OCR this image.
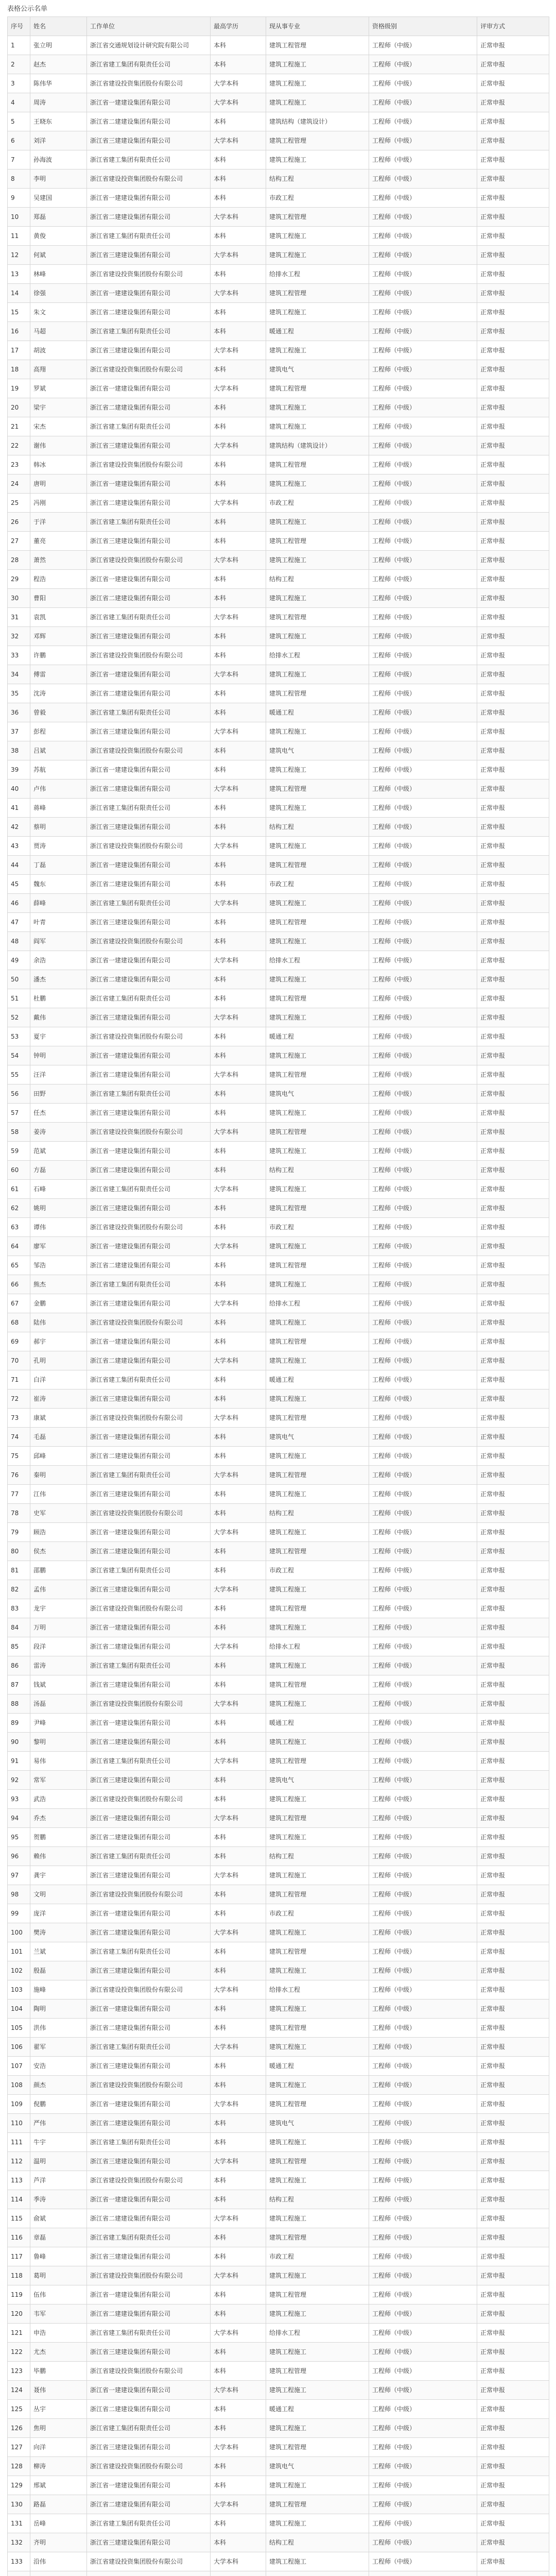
表格公示名单
序号	姓名	工作单位	最高学历	现从事专业	资格级别	评审方式
1	张立明	浙江省交通规划设计研究院有限公司	本科	建筑工程管理	工程师（中级）	正常申报
2	赵杰	浙江省建工集团有限责任公司	本科	建筑工程施工	工程师（中级）	正常申报
3	陈伟华	浙江省建设投资集团股份有限公司	大学本科	建筑工程施工	工程师（中级）	正常申报
4	周涛	浙江省一建建设集团有限公司	大学本科	建筑工程施工	工程师（中级）	正常申报
5	王晓东	浙江省二建建设集团有限公司	本科	建筑结构（建筑设计）	工程师（中级）	正常申报
6	刘洋	浙江省三建建设集团有限公司	大学本科	建筑工程管理	工程师（中级）	正常申报
7	孙海波	浙江省建工集团有限责任公司	本科	建筑工程施工	工程师（中级）	正常申报
8	李明	浙江省建设投资集团股份有限公司	本科	结构工程	工程师（中级）	正常申报
9	吴建国	浙江省一建建设集团有限公司	本科	市政工程	工程师（中级）	正常申报
10	郑磊	浙江省二建建设集团有限公司	大学本科	建筑工程管理	工程师（中级）	正常申报
11	黄俊	浙江省建工集团有限责任公司	本科	建筑工程施工	工程师（中级）	正常申报
12	何斌	浙江省三建建设集团有限公司	大学本科	建筑工程施工	工程师（中级）	正常申报
13	林峰	浙江省建设投资集团股份有限公司	本科	给排水工程	工程师（中级）	正常申报
14	徐强	浙江省一建建设集团有限公司	大学本科	建筑工程管理	工程师（中级）	正常申报
15	朱文	浙江省二建建设集团有限公司	本科	建筑工程施工	工程师（中级）	正常申报
16	马超	浙江省建工集团有限责任公司	本科	暖通工程	工程师（中级）	正常申报
17	胡波	浙江省三建建设集团有限公司	大学本科	建筑工程施工	工程师（中级）	正常申报
18	高翔	浙江省建设投资集团股份有限公司	本科	建筑电气	工程师（中级）	正常申报
19	罗斌	浙江省一建建设集团有限公司	大学本科	建筑工程管理	工程师（中级）	正常申报
20	梁宇	浙江省二建建设集团有限公司	本科	建筑工程施工	工程师（中级）	正常申报
21	宋杰	浙江省建工集团有限责任公司	本科	建筑工程施工	工程师（中级）	正常申报
22	谢伟	浙江省三建建设集团有限公司	大学本科	建筑结构（建筑设计）	工程师（中级）	正常申报
23	韩冰	浙江省建设投资集团股份有限公司	本科	建筑工程管理	工程师（中级）	正常申报
24	唐明	浙江省一建建设集团有限公司	本科	建筑工程施工	工程师（中级）	正常申报
25	冯刚	浙江省二建建设集团有限公司	大学本科	市政工程	工程师（中级）	正常申报
26	于洋	浙江省建工集团有限责任公司	本科	建筑工程施工	工程师（中级）	正常申报
27	董亮	浙江省三建建设集团有限公司	本科	建筑工程管理	工程师（中级）	正常申报
28	萧然	浙江省建设投资集团股份有限公司	大学本科	建筑工程施工	工程师（中级）	正常申报
29	程浩	浙江省一建建设集团有限公司	本科	结构工程	工程师（中级）	正常申报
30	曹阳	浙江省二建建设集团有限公司	本科	建筑工程施工	工程师（中级）	正常申报
31	袁凯	浙江省建工集团有限责任公司	大学本科	建筑工程管理	工程师（中级）	正常申报
32	邓辉	浙江省三建建设集团有限公司	本科	建筑工程施工	工程师（中级）	正常申报
33	许鹏	浙江省建设投资集团股份有限公司	本科	给排水工程	工程师（中级）	正常申报
34	傅雷	浙江省一建建设集团有限公司	大学本科	建筑工程施工	工程师（中级）	正常申报
35	沈涛	浙江省二建建设集团有限公司	本科	建筑工程管理	工程师（中级）	正常申报
36	曾毅	浙江省建工集团有限责任公司	本科	暖通工程	工程师（中级）	正常申报
37	彭程	浙江省三建建设集团有限公司	大学本科	建筑工程施工	工程师（中级）	正常申报
38	吕斌	浙江省建设投资集团股份有限公司	本科	建筑电气	工程师（中级）	正常申报
39	苏航	浙江省一建建设集团有限公司	本科	建筑工程施工	工程师（中级）	正常申报
40	卢伟	浙江省二建建设集团有限公司	大学本科	建筑工程管理	工程师（中级）	正常申报
41	蒋峰	浙江省建工集团有限责任公司	本科	建筑工程施工	工程师（中级）	正常申报
42	蔡明	浙江省三建建设集团有限公司	本科	结构工程	工程师（中级）	正常申报
43	贾涛	浙江省建设投资集团股份有限公司	大学本科	建筑工程施工	工程师（中级）	正常申报
44	丁磊	浙江省一建建设集团有限公司	本科	建筑工程管理	工程师（中级）	正常申报
45	魏东	浙江省二建建设集团有限公司	本科	市政工程	工程师（中级）	正常申报
46	薛峰	浙江省建工集团有限责任公司	大学本科	建筑工程施工	工程师（中级）	正常申报
47	叶青	浙江省三建建设集团有限公司	本科	建筑工程管理	工程师（中级）	正常申报
48	阎军	浙江省建设投资集团股份有限公司	本科	建筑工程施工	工程师（中级）	正常申报
49	余浩	浙江省一建建设集团有限公司	大学本科	给排水工程	工程师（中级）	正常申报
50	潘杰	浙江省二建建设集团有限公司	本科	建筑工程施工	工程师（中级）	正常申报
51	杜鹏	浙江省建工集团有限责任公司	本科	建筑工程管理	工程师（中级）	正常申报
52	戴伟	浙江省三建建设集团有限公司	大学本科	建筑工程施工	工程师（中级）	正常申报
53	夏宇	浙江省建设投资集团股份有限公司	本科	暖通工程	工程师（中级）	正常申报
54	钟明	浙江省一建建设集团有限公司	本科	建筑工程施工	工程师（中级）	正常申报
55	汪洋	浙江省二建建设集团有限公司	大学本科	建筑工程管理	工程师（中级）	正常申报
56	田野	浙江省建工集团有限责任公司	本科	建筑电气	工程师（中级）	正常申报
57	任杰	浙江省三建建设集团有限公司	本科	建筑工程施工	工程师（中级）	正常申报
58	姜涛	浙江省建设投资集团股份有限公司	大学本科	建筑工程管理	工程师（中级）	正常申报
59	范斌	浙江省一建建设集团有限公司	本科	建筑工程施工	工程师（中级）	正常申报
60	方磊	浙江省二建建设集团有限公司	本科	结构工程	工程师（中级）	正常申报
61	石峰	浙江省建工集团有限责任公司	大学本科	建筑工程施工	工程师（中级）	正常申报
62	姚明	浙江省三建建设集团有限公司	本科	建筑工程管理	工程师（中级）	正常申报
63	谭伟	浙江省建设投资集团股份有限公司	本科	市政工程	工程师（中级）	正常申报
64	廖军	浙江省一建建设集团有限公司	大学本科	建筑工程施工	工程师（中级）	正常申报
65	邹浩	浙江省二建建设集团有限公司	本科	建筑工程管理	工程师（中级）	正常申报
66	熊杰	浙江省建工集团有限责任公司	本科	建筑工程施工	工程师（中级）	正常申报
67	金鹏	浙江省三建建设集团有限公司	大学本科	给排水工程	工程师（中级）	正常申报
68	陆伟	浙江省建设投资集团股份有限公司	本科	建筑工程施工	工程师（中级）	正常申报
69	郝宇	浙江省一建建设集团有限公司	本科	建筑工程管理	工程师（中级）	正常申报
70	孔明	浙江省二建建设集团有限公司	大学本科	建筑工程施工	工程师（中级）	正常申报
71	白洋	浙江省建工集团有限责任公司	本科	暖通工程	工程师（中级）	正常申报
72	崔涛	浙江省三建建设集团有限公司	本科	建筑工程施工	工程师（中级）	正常申报
73	康斌	浙江省建设投资集团股份有限公司	大学本科	建筑工程管理	工程师（中级）	正常申报
74	毛磊	浙江省一建建设集团有限公司	本科	建筑电气	工程师（中级）	正常申报
75	邱峰	浙江省二建建设集团有限公司	本科	建筑工程施工	工程师（中级）	正常申报
76	秦明	浙江省建工集团有限责任公司	大学本科	建筑工程管理	工程师（中级）	正常申报
77	江伟	浙江省三建建设集团有限公司	本科	建筑工程施工	工程师（中级）	正常申报
78	史军	浙江省建设投资集团股份有限公司	本科	结构工程	工程师（中级）	正常申报
79	顾浩	浙江省一建建设集团有限公司	大学本科	建筑工程施工	工程师（中级）	正常申报
80	侯杰	浙江省二建建设集团有限公司	本科	建筑工程管理	工程师（中级）	正常申报
81	邵鹏	浙江省建工集团有限责任公司	本科	市政工程	工程师（中级）	正常申报
82	孟伟	浙江省三建建设集团有限公司	大学本科	建筑工程施工	工程师（中级）	正常申报
83	龙宇	浙江省建设投资集团股份有限公司	本科	建筑工程管理	工程师（中级）	正常申报
84	万明	浙江省一建建设集团有限公司	本科	建筑工程施工	工程师（中级）	正常申报
85	段洋	浙江省二建建设集团有限公司	大学本科	给排水工程	工程师（中级）	正常申报
86	雷涛	浙江省建工集团有限责任公司	本科	建筑工程施工	工程师（中级）	正常申报
87	钱斌	浙江省三建建设集团有限公司	本科	建筑工程管理	工程师（中级）	正常申报
88	汤磊	浙江省建设投资集团股份有限公司	大学本科	建筑工程施工	工程师（中级）	正常申报
89	尹峰	浙江省一建建设集团有限公司	本科	暖通工程	工程师（中级）	正常申报
90	黎明	浙江省二建建设集团有限公司	本科	建筑工程施工	工程师（中级）	正常申报
91	易伟	浙江省建工集团有限责任公司	大学本科	建筑工程管理	工程师（中级）	正常申报
92	常军	浙江省三建建设集团有限公司	本科	建筑电气	工程师（中级）	正常申报
93	武浩	浙江省建设投资集团股份有限公司	本科	建筑工程施工	工程师（中级）	正常申报
94	乔杰	浙江省一建建设集团有限公司	大学本科	建筑工程管理	工程师（中级）	正常申报
95	贺鹏	浙江省二建建设集团有限公司	本科	建筑工程施工	工程师（中级）	正常申报
96	赖伟	浙江省建工集团有限责任公司	本科	结构工程	工程师（中级）	正常申报
97	龚宇	浙江省三建建设集团有限公司	大学本科	建筑工程施工	工程师（中级）	正常申报
98	文明	浙江省建设投资集团股份有限公司	本科	建筑工程管理	工程师（中级）	正常申报
99	庞洋	浙江省一建建设集团有限公司	本科	市政工程	工程师（中级）	正常申报
100	樊涛	浙江省二建建设集团有限公司	大学本科	建筑工程施工	工程师（中级）	正常申报
101	兰斌	浙江省建工集团有限责任公司	本科	建筑工程管理	工程师（中级）	正常申报
102	殷磊	浙江省三建建设集团有限公司	本科	建筑工程施工	工程师（中级）	正常申报
103	施峰	浙江省建设投资集团股份有限公司	大学本科	给排水工程	工程师（中级）	正常申报
104	陶明	浙江省一建建设集团有限公司	本科	建筑工程施工	工程师（中级）	正常申报
105	洪伟	浙江省二建建设集团有限公司	本科	建筑工程管理	工程师（中级）	正常申报
106	翟军	浙江省建工集团有限责任公司	大学本科	建筑工程施工	工程师（中级）	正常申报
107	安浩	浙江省三建建设集团有限公司	本科	暖通工程	工程师（中级）	正常申报
108	颜杰	浙江省建设投资集团股份有限公司	本科	建筑工程施工	工程师（中级）	正常申报
109	倪鹏	浙江省一建建设集团有限公司	大学本科	建筑工程管理	工程师（中级）	正常申报
110	严伟	浙江省二建建设集团有限公司	本科	建筑电气	工程师（中级）	正常申报
111	牛宇	浙江省建工集团有限责任公司	本科	建筑工程施工	工程师（中级）	正常申报
112	温明	浙江省三建建设集团有限公司	大学本科	建筑工程管理	工程师（中级）	正常申报
113	芦洋	浙江省建设投资集团股份有限公司	本科	建筑工程施工	工程师（中级）	正常申报
114	季涛	浙江省一建建设集团有限公司	本科	结构工程	工程师（中级）	正常申报
115	俞斌	浙江省二建建设集团有限公司	大学本科	建筑工程施工	工程师（中级）	正常申报
116	章磊	浙江省建工集团有限责任公司	本科	建筑工程管理	工程师（中级）	正常申报
117	鲁峰	浙江省三建建设集团有限公司	本科	市政工程	工程师（中级）	正常申报
118	葛明	浙江省建设投资集团股份有限公司	大学本科	建筑工程施工	工程师（中级）	正常申报
119	伍伟	浙江省一建建设集团有限公司	本科	建筑工程管理	工程师（中级）	正常申报
120	韦军	浙江省二建建设集团有限公司	本科	建筑工程施工	工程师（中级）	正常申报
121	申浩	浙江省建工集团有限责任公司	大学本科	给排水工程	工程师（中级）	正常申报
122	尤杰	浙江省三建建设集团有限公司	本科	建筑工程施工	工程师（中级）	正常申报
123	毕鹏	浙江省建设投资集团股份有限公司	本科	建筑工程管理	工程师（中级）	正常申报
124	聂伟	浙江省一建建设集团有限公司	大学本科	建筑工程施工	工程师（中级）	正常申报
125	丛宇	浙江省二建建设集团有限公司	本科	暖通工程	工程师（中级）	正常申报
126	焦明	浙江省建工集团有限责任公司	本科	建筑工程施工	工程师（中级）	正常申报
127	向洋	浙江省三建建设集团有限公司	大学本科	建筑工程管理	工程师（中级）	正常申报
128	柳涛	浙江省建设投资集团股份有限公司	本科	建筑电气	工程师（中级）	正常申报
129	邢斌	浙江省一建建设集团有限公司	本科	建筑工程施工	工程师（中级）	正常申报
130	路磊	浙江省二建建设集团有限公司	大学本科	建筑工程管理	工程师（中级）	正常申报
131	岳峰	浙江省建工集团有限责任公司	本科	建筑工程施工	工程师（中级）	正常申报
132	齐明	浙江省三建建设集团有限公司	本科	结构工程	工程师（中级）	正常申报
133	沿伟	浙江省建设投资集团股份有限公司	大学本科	建筑工程施工	工程师（中级）	正常申报
